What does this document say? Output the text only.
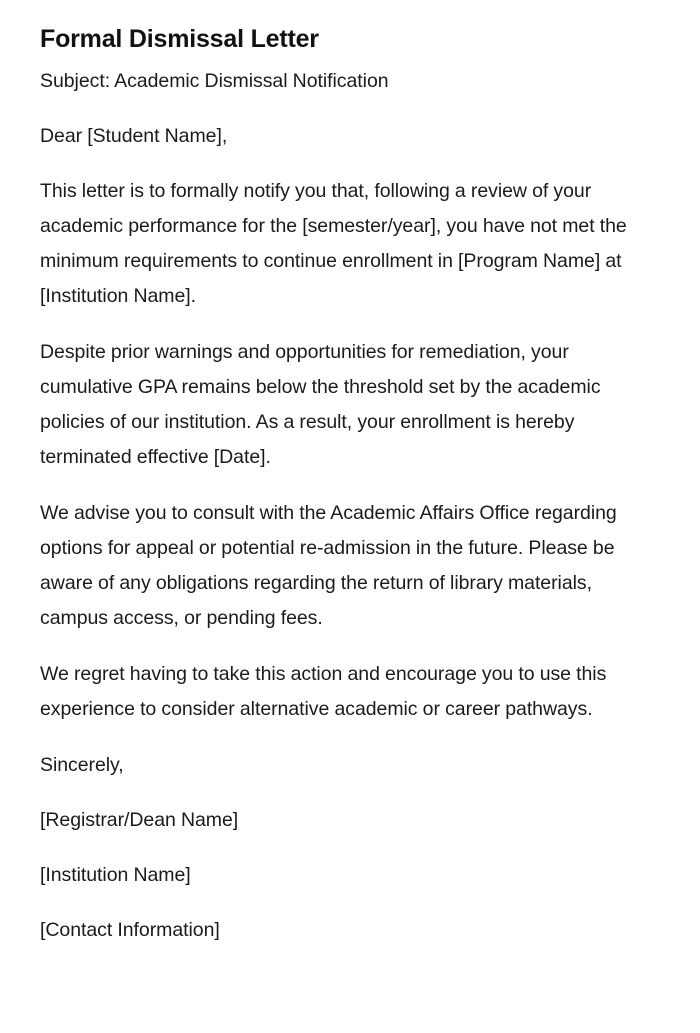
Formal Dismissal Letter

Subject: Academic Dismissal Notification

Dear [Student Name],

This letter is to formally notify you that, following a review of your academic performance for the [semester/year], you have not met the minimum requirements to continue enrollment in [Program Name] at [Institution Name].

Despite prior warnings and opportunities for remediation, your cumulative GPA remains below the threshold set by the academic policies of our institution. As a result, your enrollment is hereby terminated effective [Date].

We advise you to consult with the Academic Affairs Office regarding options for appeal or potential re-admission in the future. Please be aware of any obligations regarding the return of library materials, campus access, or pending fees.

We regret having to take this action and encourage you to use this experience to consider alternative academic or career pathways.

Sincerely,

[Registrar/Dean Name]

[Institution Name]

[Contact Information]
